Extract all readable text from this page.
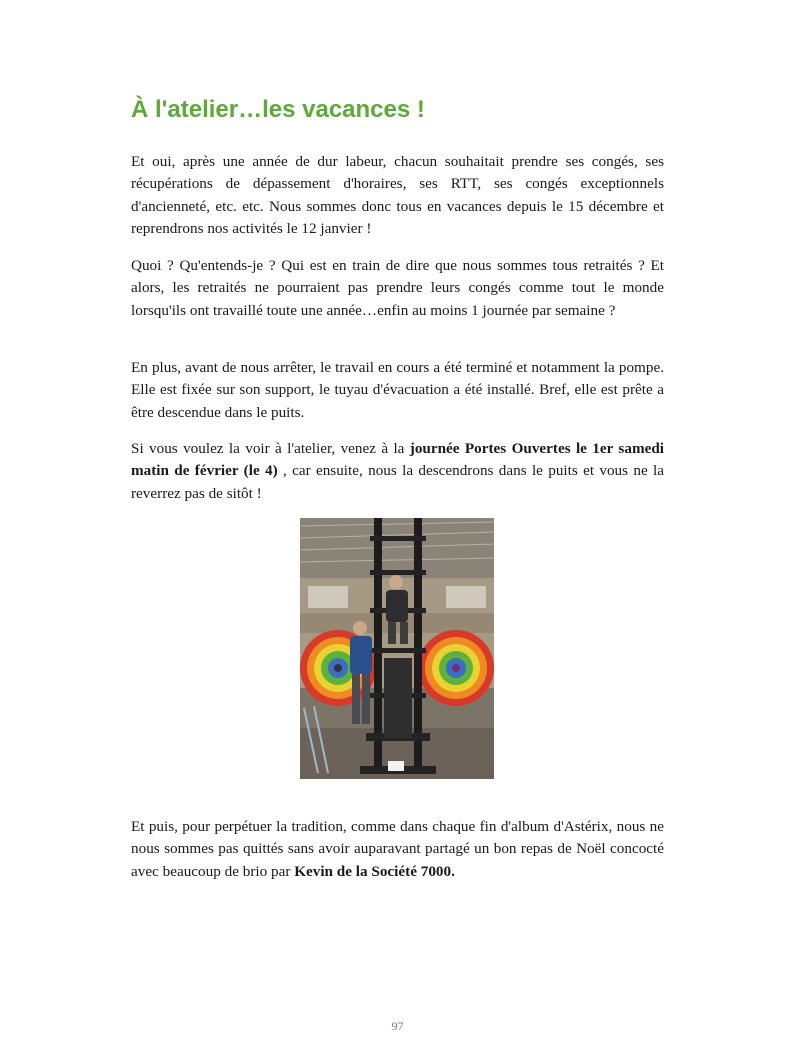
À l'atelier…les vacances !

Et oui, après une année de dur labeur, chacun souhaitait prendre ses congés, ses récupérations de dépassement d'horaires, ses RTT, ses congés exceptionnels d'ancienneté, etc. etc. Nous sommes donc tous en vacances depuis le 15 décembre et reprendrons nos activités le 12 janvier !

Quoi ? Qu'entends-je ? Qui est en train de dire que nous sommes tous retraités ? Et alors, les retraités ne pourraient pas prendre leurs congés comme tout le monde lorsqu'ils ont travaillé toute une année…enfin au moins 1 journée par semaine ?

En plus, avant de nous arrêter, le travail en cours a été terminé et notamment la pompe. Elle est fixée sur son support, le tuyau d'évacuation a été installé. Bref, elle est prête a être descendue dans le puits.

Si vous voulez la voir à l'atelier, venez à la journée Portes Ouvertes le 1er samedi matin de février (le 4) , car ensuite, nous la descendrons dans le puits et vous ne la reverrez pas de sitôt !

Et puis, pour perpétuer la tradition, comme dans chaque fin d'album d'Astérix, nous ne nous sommes pas quittés sans avoir auparavant partagé un bon repas de Noël concocté avec beaucoup de brio par Kevin de la Société 7000.

97
